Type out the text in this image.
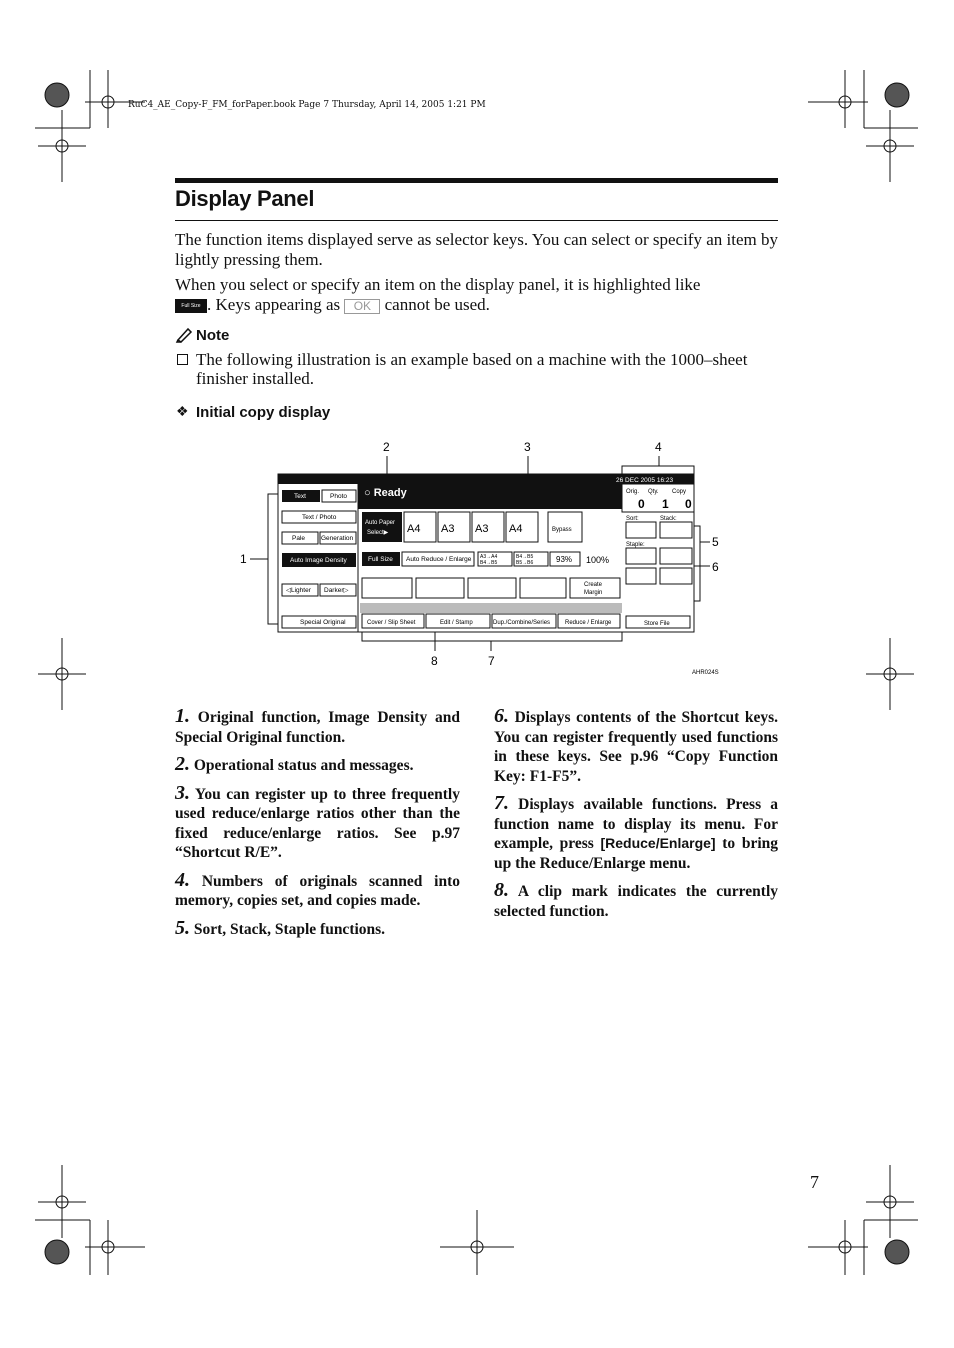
RuC4_AE_Copy-F_FM_forPaper.book Page 7 Thursday, April 14, 2005 1:21 PM
Display Panel
The function items displayed serve as selector keys. You can select or specify an item by lightly pressing them.
When you select or specify an item on the display panel, it is highlighted like
Full Size . Keys appearing as OK cannot be used.
Note
The following illustration is an example based on a machine with the 1000–sheet finisher installed.
❖ Initial copy display
1
2	3	4
5
6
7
8
○ Ready
26 DEC 2005 16:23
Orig. Qty. Copy
0 1 0
Text	Photo
Text / Photo
Pale Generation
Auto Image Density
◁Lighter Darker▷
Special Original
Auto Paper
Select▶ A4 A3 A3 A4	Bypass
Full Size Auto Reduce / Enlarge A3→A4
B4→B5
B4→B5
B5→B6	93% 100%
Create
Margin
Cover / Slip Sheet	Edit / Stamp	Dup./Combine/Series Reduce / Enlarge
Sort:	Stack:
Staple:
Store File
AHR024S
1. Original function, Image Density and Special Original function.
2. Operational status and messages.
3. You can register up to three frequently used reduce/enlarge ratios other than the fixed reduce/enlarge ratios. See p.97 “Shortcut R/E”.
4. Numbers of originals scanned into memory, copies set, and copies made.
5. Sort, Stack, Staple functions.
6. Displays contents of the Shortcut keys. You can register frequently used functions in these keys. See p.96 “Copy Function Key: F1-F5”.
7. Displays available functions. Press a function name to display its menu. For example, press [Reduce/Enlarge] to bring up the Reduce/Enlarge menu.
8. A clip mark indicates the currently selected function.
7
